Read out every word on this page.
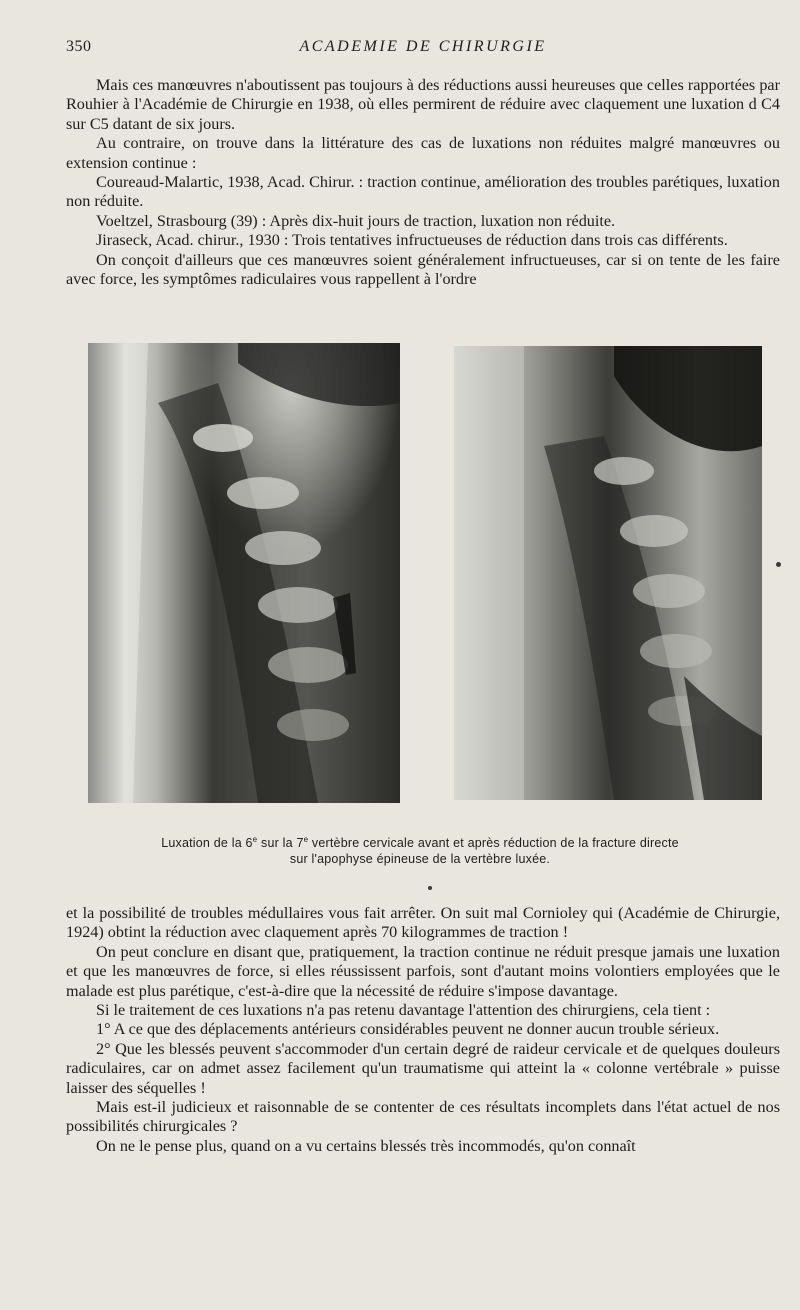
350	ACADEMIE DE CHIRURGIE

Mais ces manœuvres n'aboutissent pas toujours à des réductions aussi heureuses que celles rapportées par Rouhier à l'Académie de Chirurgie en 1938, où elles permirent de réduire avec claquement une luxation d C4 sur C5 datant de six jours.

Au contraire, on trouve dans la littérature des cas de luxations non réduites malgré manœuvres ou extension continue :

Coureaud-Malartic, 1938, Acad. Chirur. : traction continue, amélioration des troubles parétiques, luxation non réduite.

Voeltzel, Strasbourg (39) : Après dix-huit jours de traction, luxation non réduite.

Jiraseck, Acad. chirur., 1930 : Trois tentatives infructueuses de réduction dans trois cas différents.

On conçoit d'ailleurs que ces manœuvres soient généralement infructueuses, car si on tente de les faire avec force, les symptômes radiculaires vous rappellent à l'ordre

Luxation de la 6e sur la 7e vertèbre cervicale avant et après réduction de la fracture directe
sur l'apophyse épineuse de la vertèbre luxée.

et la possibilité de troubles médullaires vous fait arrêter. On suit mal Cornioley qui (Académie de Chirurgie, 1924) obtint la réduction avec claquement après 70 kilogrammes de traction !

On peut conclure en disant que, pratiquement, la traction continue ne réduit presque jamais une luxation et que les manœuvres de force, si elles réussissent parfois, sont d'autant moins volontiers employées que le malade est plus parétique, c'est-à-dire que la nécessité de réduire s'impose davantage.

Si le traitement de ces luxations n'a pas retenu davantage l'attention des chirurgiens, cela tient :

1° A ce que des déplacements antérieurs considérables peuvent ne donner aucun trouble sérieux.

2° Que les blessés peuvent s'accommoder d'un certain degré de raideur cervicale et de quelques douleurs radiculaires, car on admet assez facilement qu'un traumatisme qui atteint la « colonne vertébrale » puisse laisser des séquelles !

Mais est-il judicieux et raisonnable de se contenter de ces résultats incomplets dans l'état actuel de nos possibilités chirurgicales ?

On ne le pense plus, quand on a vu certains blessés très incommodés, qu'on connaît
